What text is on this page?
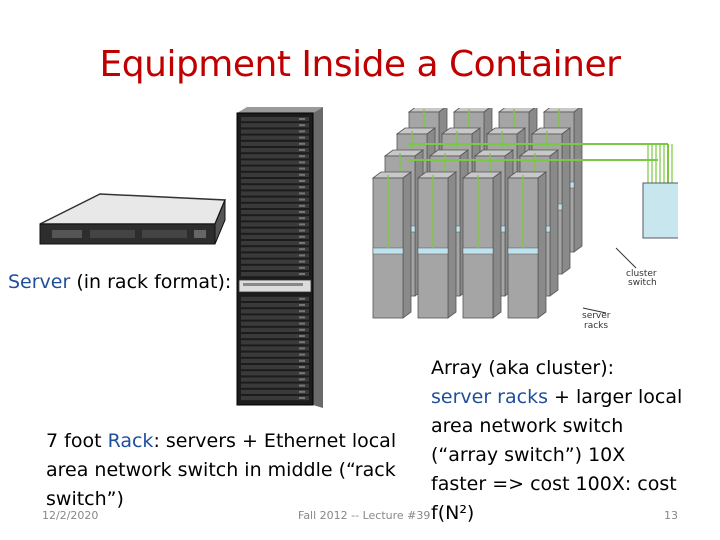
Equipment Inside a Container
Server (in rack format):	cluster
switch
server
racks
7 foot Rack: servers + Ethernet local
area network switch in middle (“rack
switch”)
Array (aka cluster):
server racks + larger local
area network switch
(“array switch”) 10X
faster => cost 100X: cost
f(N²)
12/2/2020	Fall 2012 -- Lecture #39	13
